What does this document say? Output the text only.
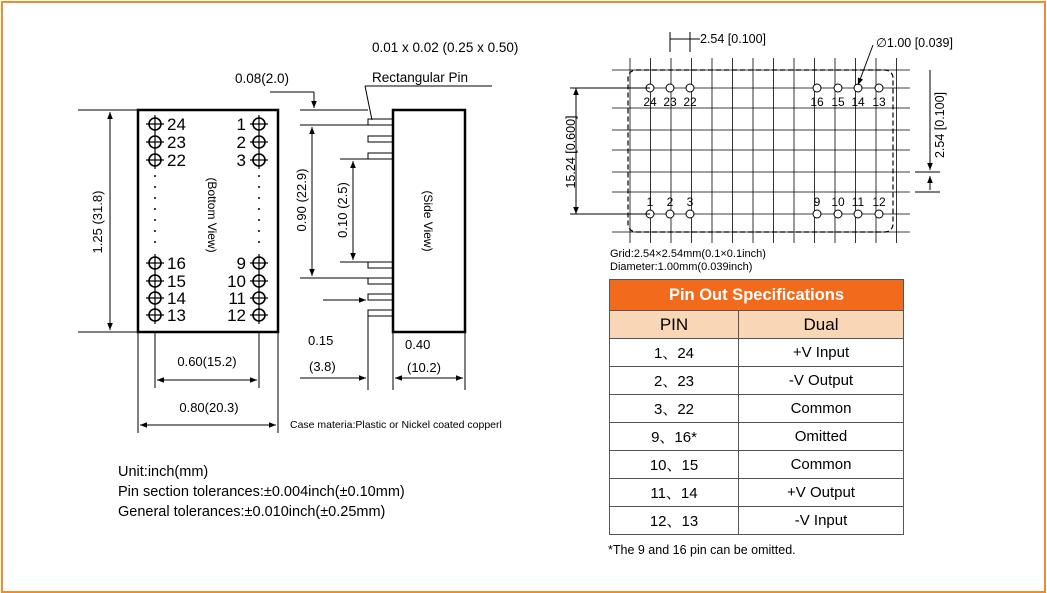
24
23
22
16
15
14
13
1
2
3
9
10
11
12
1.25 (31.8)
0.60(15.2)
0.80(20.3)
(Bottom View)
0.01 x 0.02 (0.25 x 0.50)
0.08(2.0)	Rectangular Pin
0.90 (22.9) 0.10 (2.5)
0.15
(3.8)
0.40
(10.2)
(Side View)
2.54 [0.100]	∅1.00 [0.039]
15.24 [0.600]	2.54 [0.100]
24 23 22	16 15 14 13
1 2 3	9 10 11 12
Case materia:Plastic or Nickel coated copperl
Unit:inch(mm)
Pin section tolerances:±0.004inch(±0.10mm)
General tolerances:±0.010inch(±0.25mm)
Grid:2.54×2.54mm(0.1×0.1inch)
Diameter:1.00mm(0.039inch)
Pin Out Specifications	
PIN	Dual
1、24	+V Input
2、23	-V Output
3、22	Common
9、16*	Omitted
10、15	Common
11、14	+V Output
12、13	-V Input
*The 9 and 16 pin can be omitted.
